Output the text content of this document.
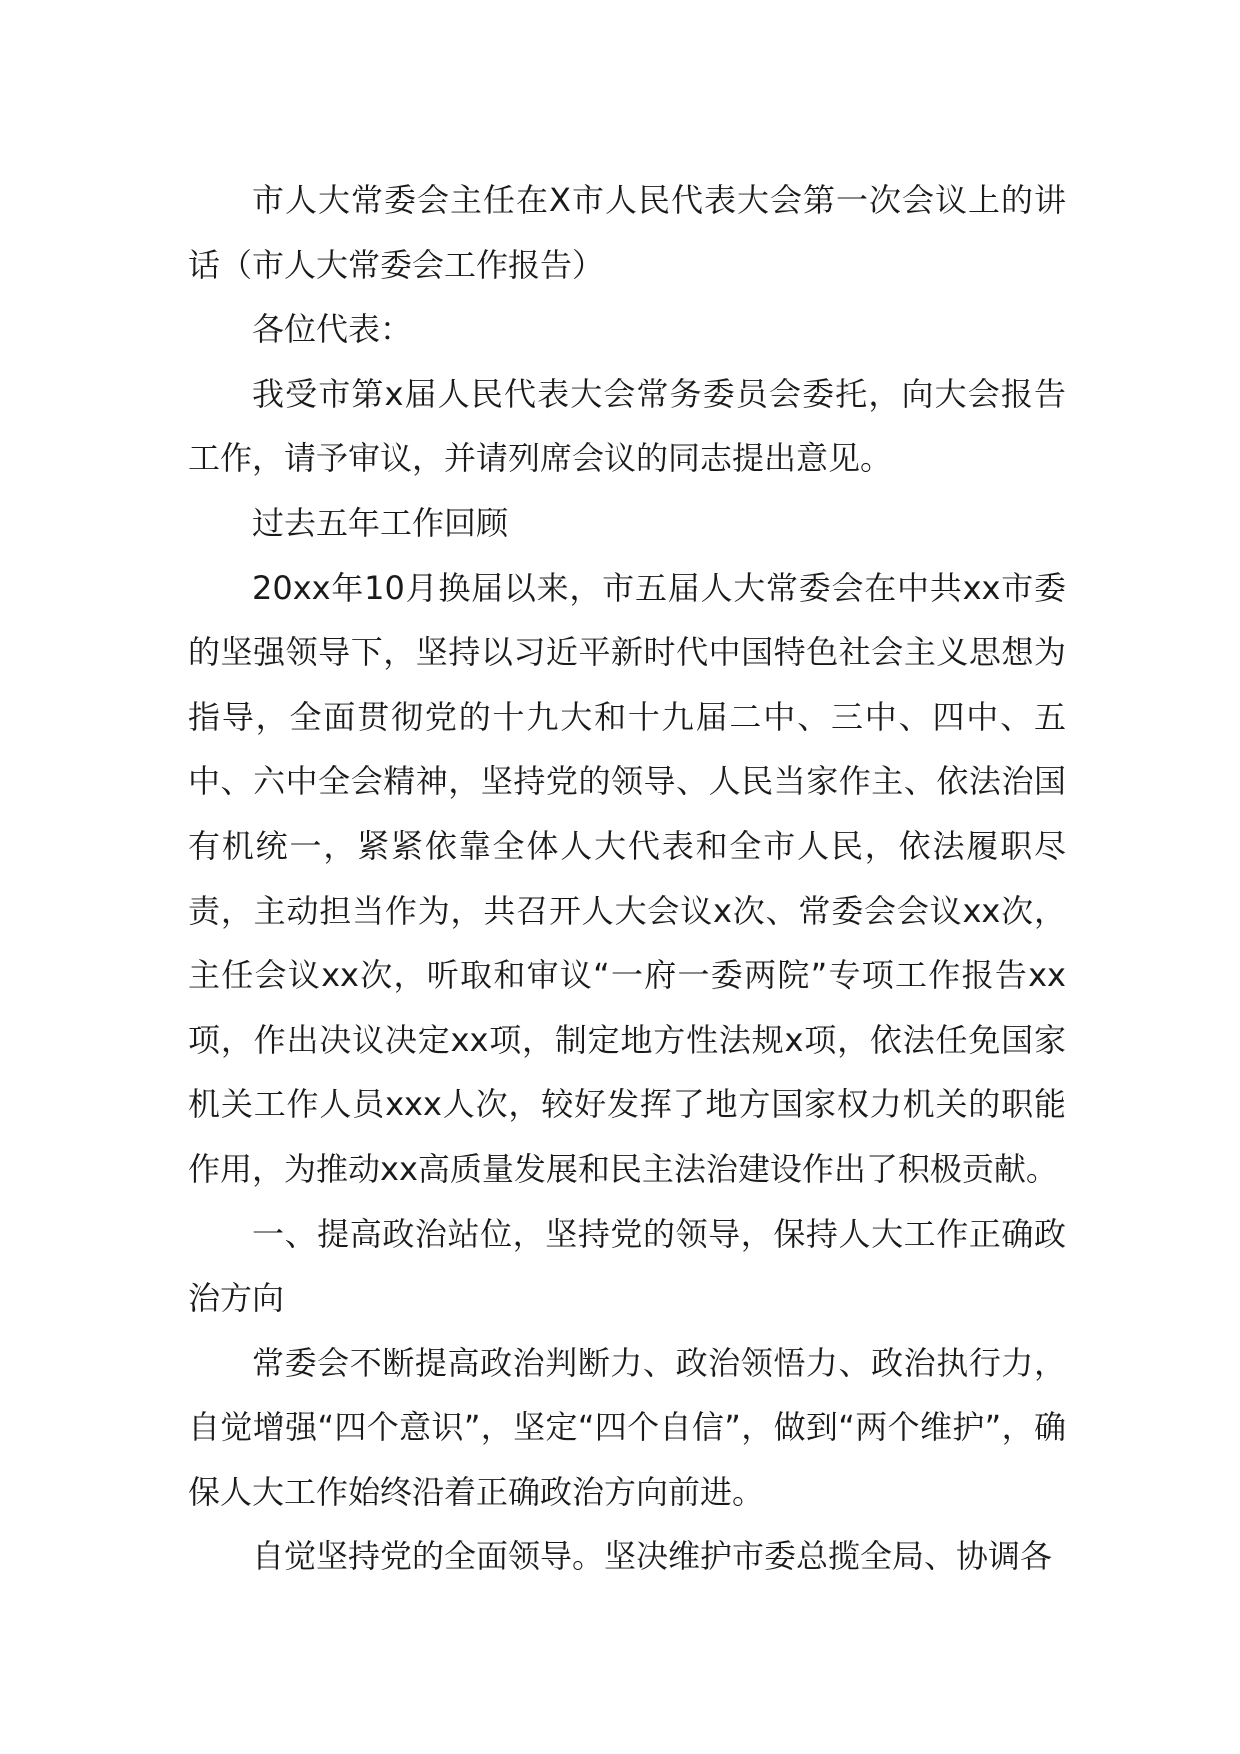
市人大常委会主任在X市人民代表大会第一次会议上的讲话（市人大常委会工作报告）

各位代表：

我受市第x届人民代表大会常务委员会委托，向大会报告工作，请予审议，并请列席会议的同志提出意见。

过去五年工作回顾

20xx年10月换届以来，市五届人大常委会在中共xx市委的坚强领导下，坚持以习近平新时代中国特色社会主义思想为指导，全面贯彻党的十九大和十九届二中、三中、四中、五中、六中全会精神，坚持党的领导、人民当家作主、依法治国有机统一，紧紧依靠全体人大代表和全市人民，依法履职尽责，主动担当作为，共召开人大会议x次、常委会会议xx次，主任会议xx次，听取和审议“一府一委两院”专项工作报告xx项，作出决议决定xx项，制定地方性法规x项，依法任免国家机关工作人员xxx人次，较好发挥了地方国家权力机关的职能作用，为推动xx高质量发展和民主法治建设作出了积极贡献。

一、提高政治站位，坚持党的领导，保持人大工作正确政治方向

常委会不断提高政治判断力、政治领悟力、政治执行力，自觉增强“四个意识”，坚定“四个自信”，做到“两个维护”，确保人大工作始终沿着正确政治方向前进。

自觉坚持党的全面领导。坚决维护市委总揽全局、协调各
